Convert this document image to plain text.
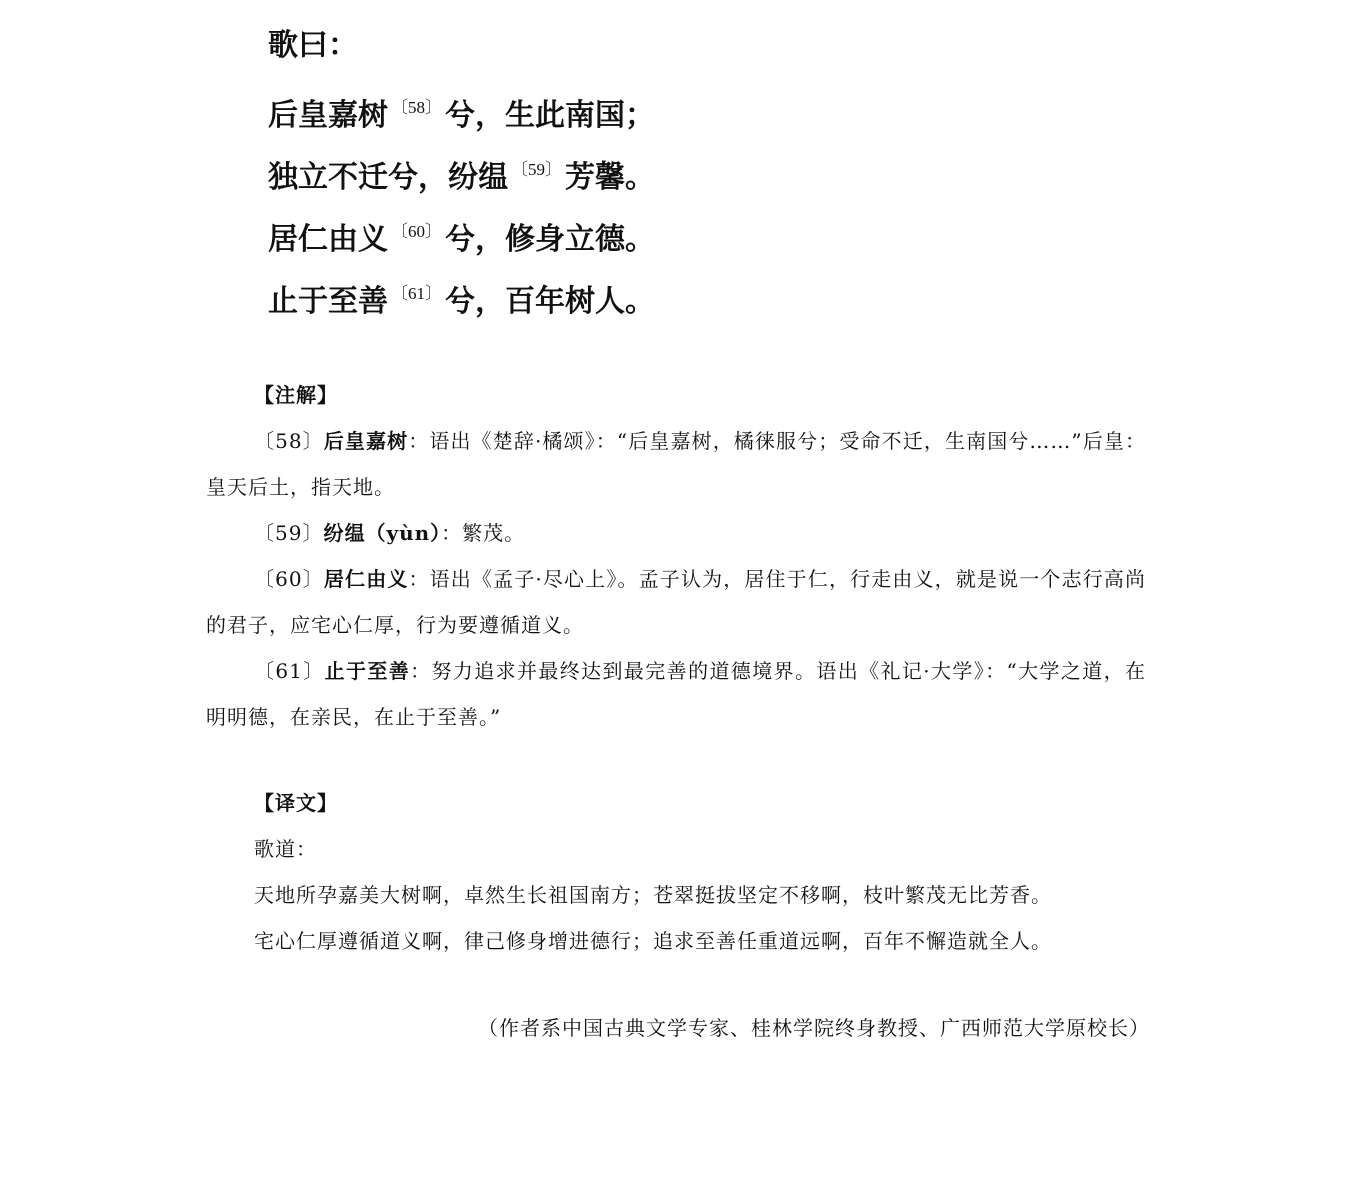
歌曰：
后皇嘉树 $^{〔58〕}$ 兮，生此南国；
独立不迁兮，纷缊 $^{〔59〕}$ 芳馨。
居仁由义 $^{〔60〕}$ 兮，修身立德。
止于至善 $^{〔61〕}$ 兮，百年树人。
【注解】
〔58〕后皇嘉树：语出《楚辞·橘颂》：“后皇嘉树，橘徕服兮；受命不迁，生南国兮……”后皇：皇天后土，指天地。
〔59〕纷缊（yùn）：繁茂。
〔60〕居仁由义：语出《孟子·尽心上》。孟子认为，居住于仁，行走由义，就是说一个志行高尚的君子，应宅心仁厚，行为要遵循道义。
〔61〕止于至善：努力追求并最终达到最完善的道德境界。语出《礼记·大学》：“大学之道，在明明德，在亲民，在止于至善。”
【译文】
歌道：
天地所孕嘉美大树啊，卓然生长祖国南方；苍翠挺拔坚定不移啊，枝叶繁茂无比芳香。
宅心仁厚遵循道义啊，律己修身增进德行；追求至善任重道远啊，百年不懈造就全人。
（作者系中国古典文学专家、桂林学院终身教授、广西师范大学原校长）
